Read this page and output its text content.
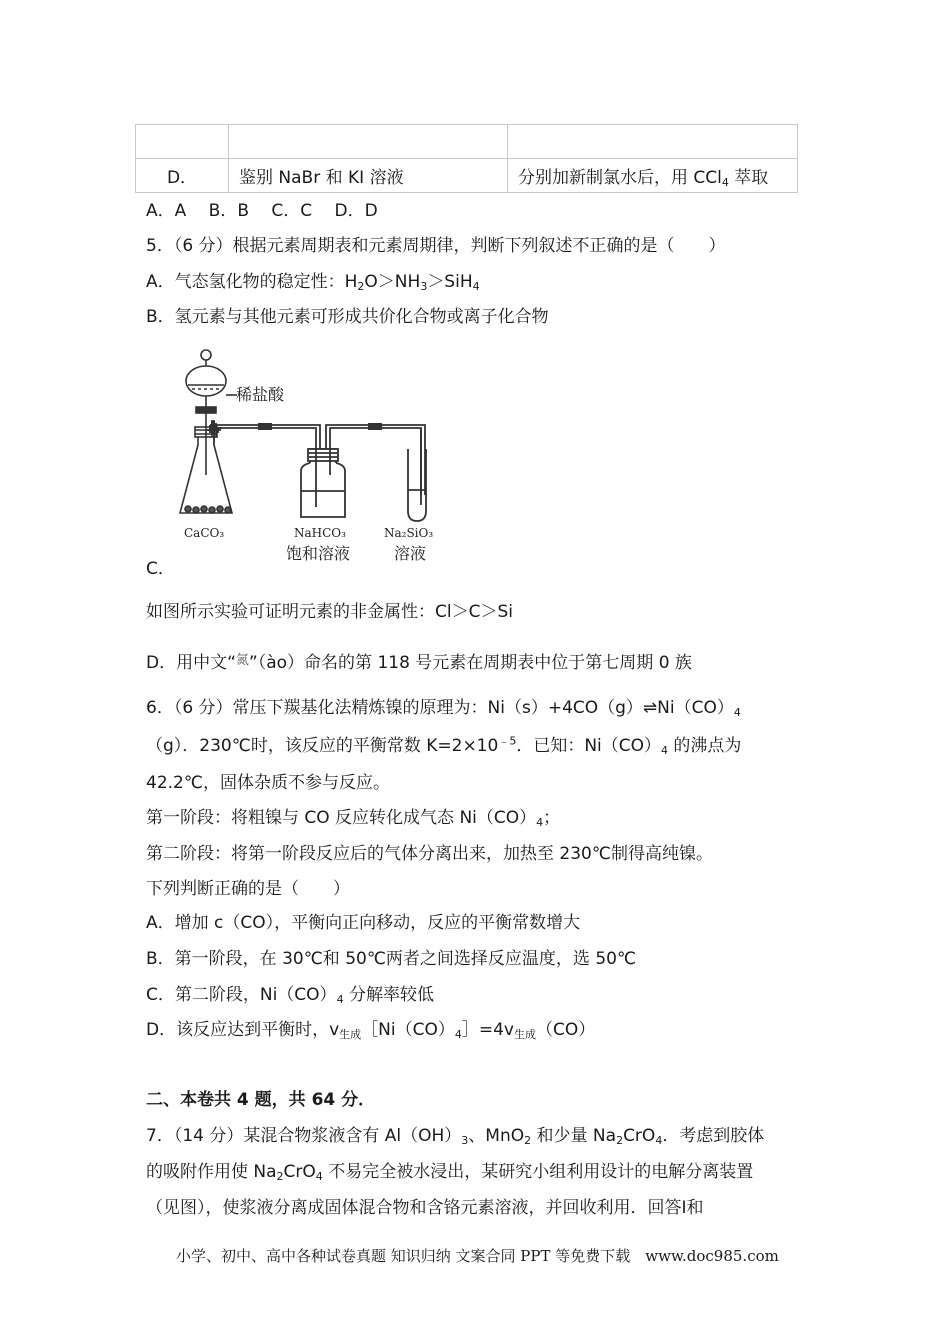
D．	鉴别 NaBr 和 KI 溶液	分别加新制氯水后，用 CCl$_4$ 萃取
A．A　 B．B　 C．C　 D．D
5．（6 分）根据元素周期表和元素周期律，判断下列叙述不正确的是（　　）
A．气态氢化物的稳定性：$H_2O>NH_3>SiH_4$
B．氢元素与其他元素可形成共价化合物或离子化合物
稀盐酸
CaCO₃	NaHCO₃
饱和溶液
Na₂SiO₃
溶液
C．
如图所示实验可证明元素的非金属性：Cl＞C＞Si
D．用中文“$^氮$”（ào）命名的第 118 号元素在周期表中位于第七周期 0 族
6．（6 分）常压下羰基化法精炼镍的原理为：$Ni(s)+4CO(g)\rightleftharpoons Ni(CO)_4$
（g）．230℃时，该反应的平衡常数 $K=2\times 10^{﹣5}$．已知：$Ni(CO)_4$ 的沸点为
42.2℃，固体杂质不参与反应。
第一阶段：将粗镍与 CO 反应转化成气态 $Ni(CO)_4$；
第二阶段：将第一阶段反应后的气体分离出来，加热至 230℃制得高纯镍。
下列判断正确的是（　　）
A．增加 c（CO），平衡向正向移动，反应的平衡常数增大
B．第一阶段，在 30℃和 50℃两者之间选择反应温度，选 50℃
C．第二阶段，$Ni(CO)_4$ 分解率较低
D．该反应达到平衡时，$v_{生成}[Ni(CO)_4]=4v_{生成}(CO)$
二、本卷共 4 题，共 64 分．
7．（14 分）某混合物浆液含有 $Al(OH)_3$、MnO$_2$ 和少量 $Na_2CrO_4$．考虑到胶体
的吸附作用使 $Na_2CrO_4$ 不易完全被水浸出，某研究小组利用设计的电解分离装置
（见图），使浆液分离成固体混合物和含铬元素溶液，并回收利用．回答Ⅰ和
小学、初中、高中各种试卷真题 知识归纳 文案合同 PPT 等免费下载　www.doc985.com
